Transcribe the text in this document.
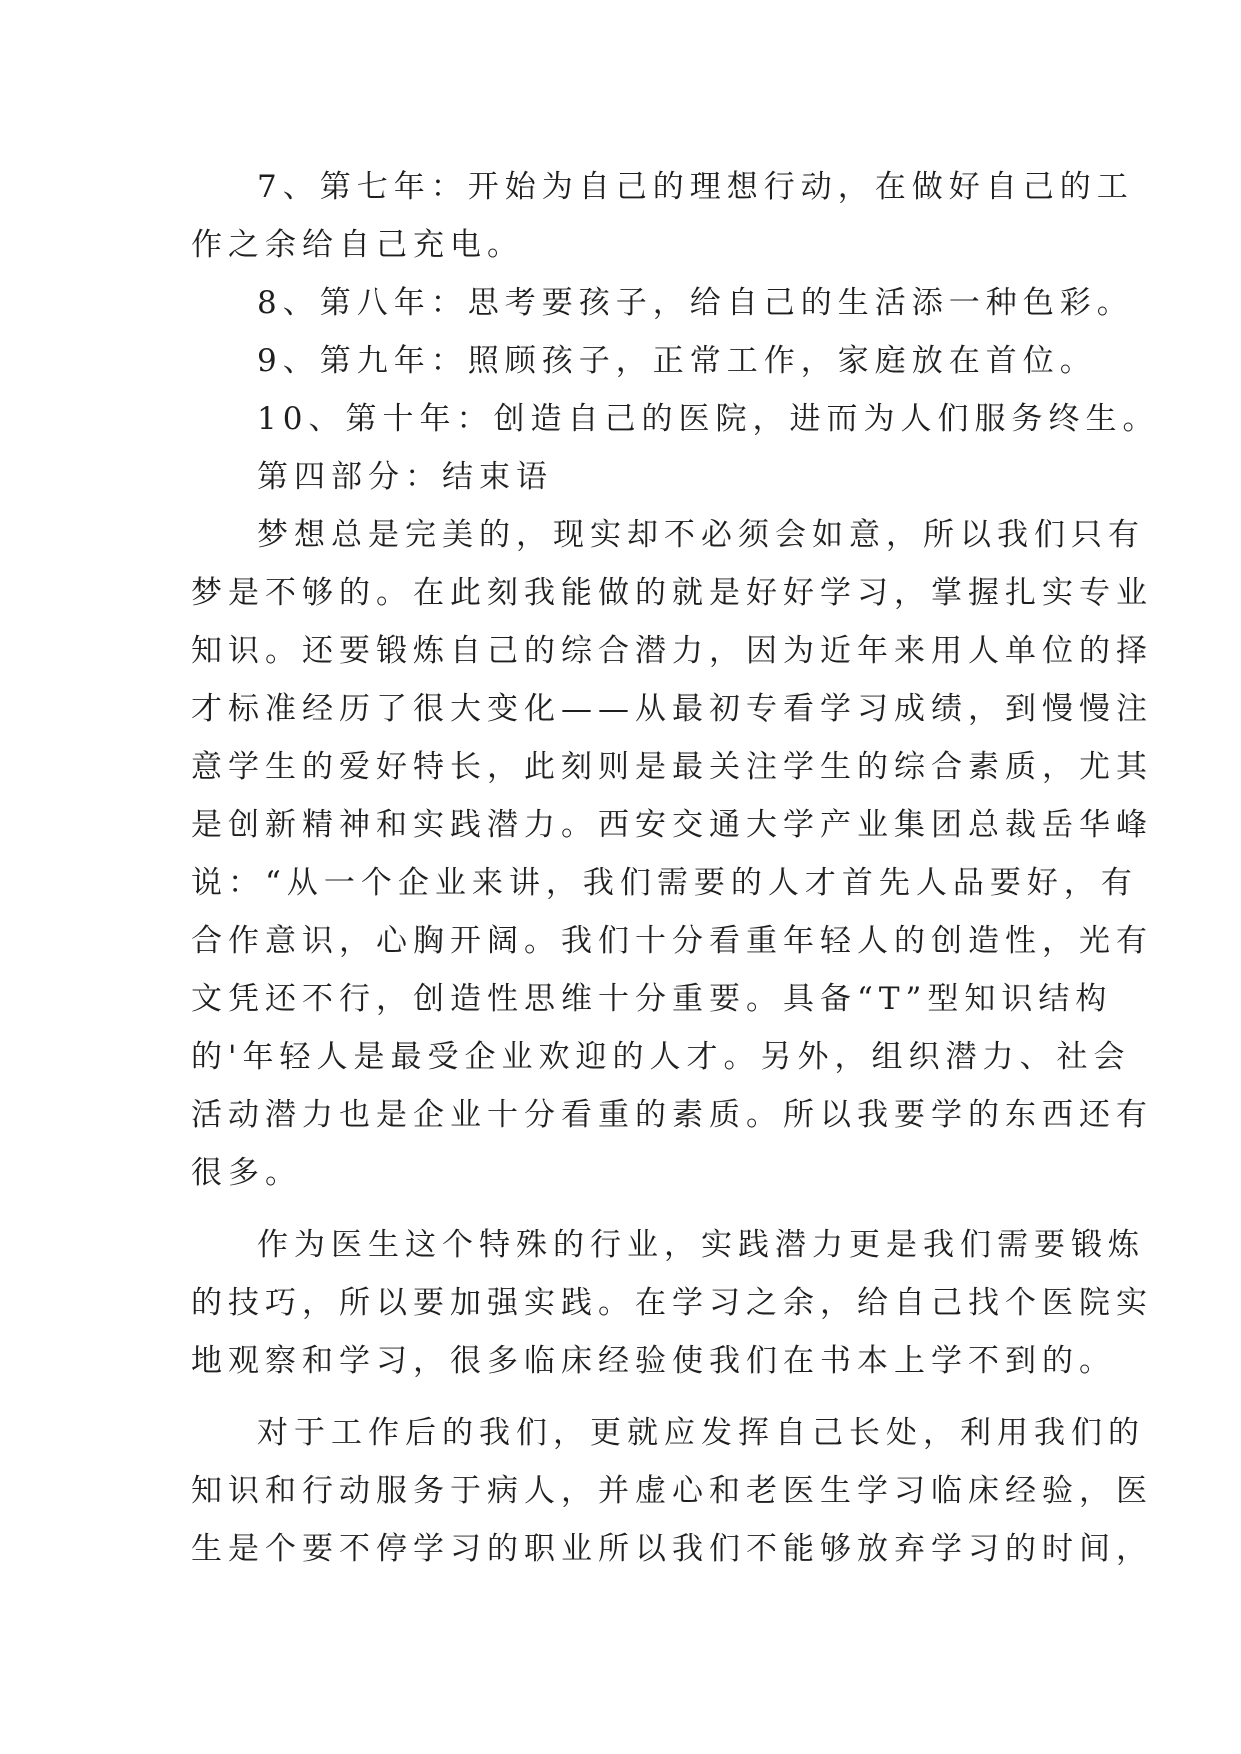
7、第七年：开始为自己的理想行动，在做好自己的工
作之余给自己充电。
8、第八年：思考要孩子，给自己的生活添一种色彩。
9、第九年：照顾孩子，正常工作，家庭放在首位。
10、第十年：创造自己的医院，进而为人们服务终生。
第四部分：结束语
梦想总是完美的，现实却不必须会如意，所以我们只有
梦是不够的。在此刻我能做的就是好好学习，掌握扎实专业
知识。还要锻炼自己的综合潜力，因为近年来用人单位的择
才标准经历了很大变化——从最初专看学习成绩，到慢慢注
意学生的爱好特长，此刻则是最关注学生的综合素质，尤其
是创新精神和实践潜力。西安交通大学产业集团总裁岳华峰
说：“从一个企业来讲，我们需要的人才首先人品要好，有
合作意识，心胸开阔。我们十分看重年轻人的创造性，光有
文凭还不行，创造性思维十分重要。具备“T”型知识结构
的'年轻人是最受企业欢迎的人才。另外，组织潜力、社会
活动潜力也是企业十分看重的素质。所以我要学的东西还有
很多。
作为医生这个特殊的行业，实践潜力更是我们需要锻炼
的技巧，所以要加强实践。在学习之余，给自己找个医院实
地观察和学习，很多临床经验使我们在书本上学不到的。
对于工作后的我们，更就应发挥自己长处，利用我们的
知识和行动服务于病人，并虚心和老医生学习临床经验，医
生是个要不停学习的职业所以我们不能够放弃学习的时间，
